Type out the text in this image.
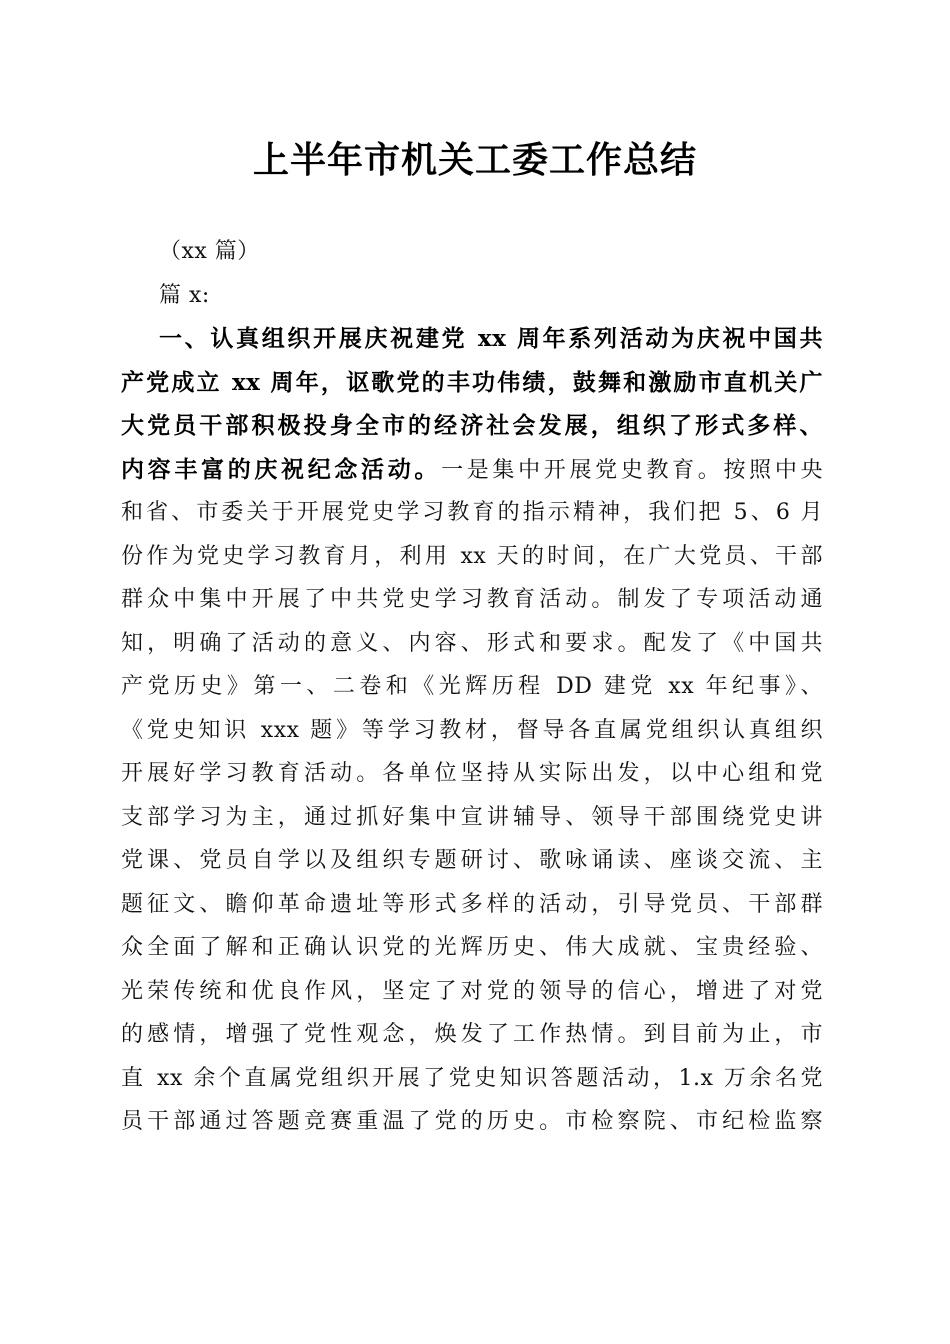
上半年市机关工委工作总结
（xx 篇）
篇 x:
一、认真组织开展庆祝建党 xx 周年系列活动为庆祝中国共
产党成立 xx 周年，讴歌党的丰功伟绩，鼓舞和激励市直机关广
大党员干部积极投身全市的经济社会发展，组织了形式多样、
内容丰富的庆祝纪念活动。一是集中开展党史教育。按照中央
和省、市委关于开展党史学习教育的指示精神，我们把 5、6 月
份作为党史学习教育月，利用 xx 天的时间，在广大党员、干部
群众中集中开展了中共党史学习教育活动。制发了专项活动通
知，明确了活动的意义、内容、形式和要求。配发了《中国共
产党历史》第一、二卷和《光辉历程 DD 建党 xx 年纪事》、
《党史知识 xxx 题》等学习教材，督导各直属党组织认真组织
开展好学习教育活动。各单位坚持从实际出发，以中心组和党
支部学习为主，通过抓好集中宣讲辅导、领导干部围绕党史讲
党课、党员自学以及组织专题研讨、歌咏诵读、座谈交流、主
题征文、瞻仰革命遗址等形式多样的活动，引导党员、干部群
众全面了解和正确认识党的光辉历史、伟大成就、宝贵经验、
光荣传统和优良作风，坚定了对党的领导的信心，增进了对党
的感情，增强了党性观念，焕发了工作热情。到目前为止，市
直 xx 余个直属党组织开展了党史知识答题活动，1.x 万余名党
员干部通过答题竞赛重温了党的历史。市检察院、市纪检监察
